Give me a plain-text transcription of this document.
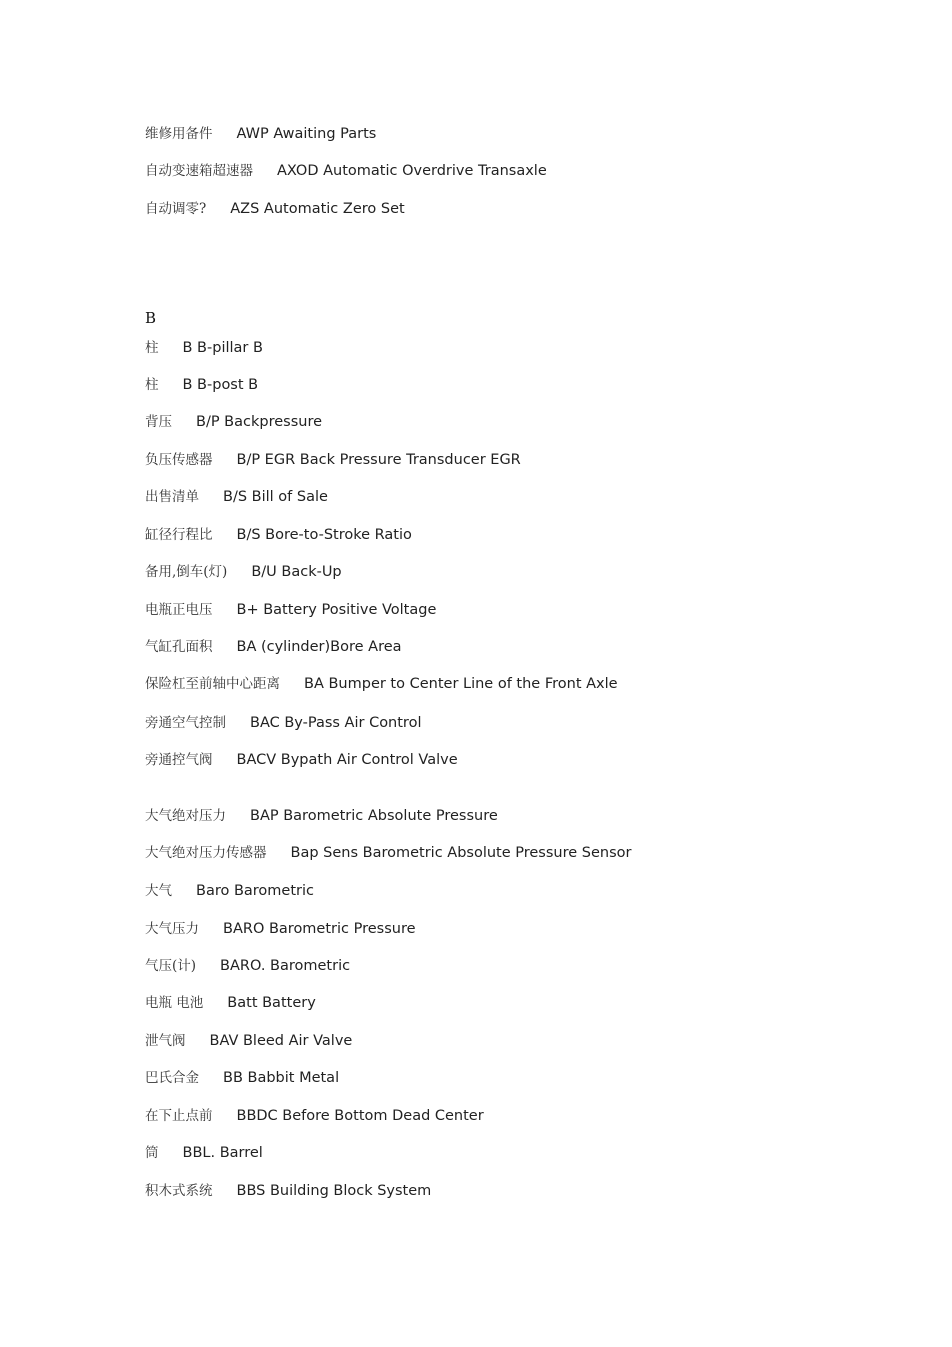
维修用备件 AWP Awaiting Parts
自动变速箱超速器 AXOD Automatic Overdrive Transaxle
自动调零? AZS Automatic Zero Set
B
柱 B B-pillar B
柱 B B-post B
背压 B/P Backpressure
负压传感器 B/P EGR Back Pressure Transducer EGR
出售清单 B/S Bill of Sale
缸径行程比 B/S Bore-to-Stroke Ratio
备用,倒车(灯) B/U Back-Up
电瓶正电压 B+ Battery Positive Voltage
气缸孔面积 BA (cylinder)Bore Area
保险杠至前轴中心距离 BA Bumper to Center Line of the Front Axle
旁通空气控制 BAC By-Pass Air Control
旁通控气阀 BACV Bypath Air Control Valve
大气绝对压力 BAP Barometric Absolute Pressure
大气绝对压力传感器 Bap Sens Barometric Absolute Pressure Sensor
大气 Baro Barometric
大气压力 BARO Barometric Pressure
气压(计) BARO. Barometric
电瓶 电池 Batt Battery
泄气阀 BAV Bleed Air Valve
巴氏合金 BB Babbit Metal
在下止点前 BBDC Before Bottom Dead Center
筒 BBL. Barrel
积木式系统 BBS Building Block System
